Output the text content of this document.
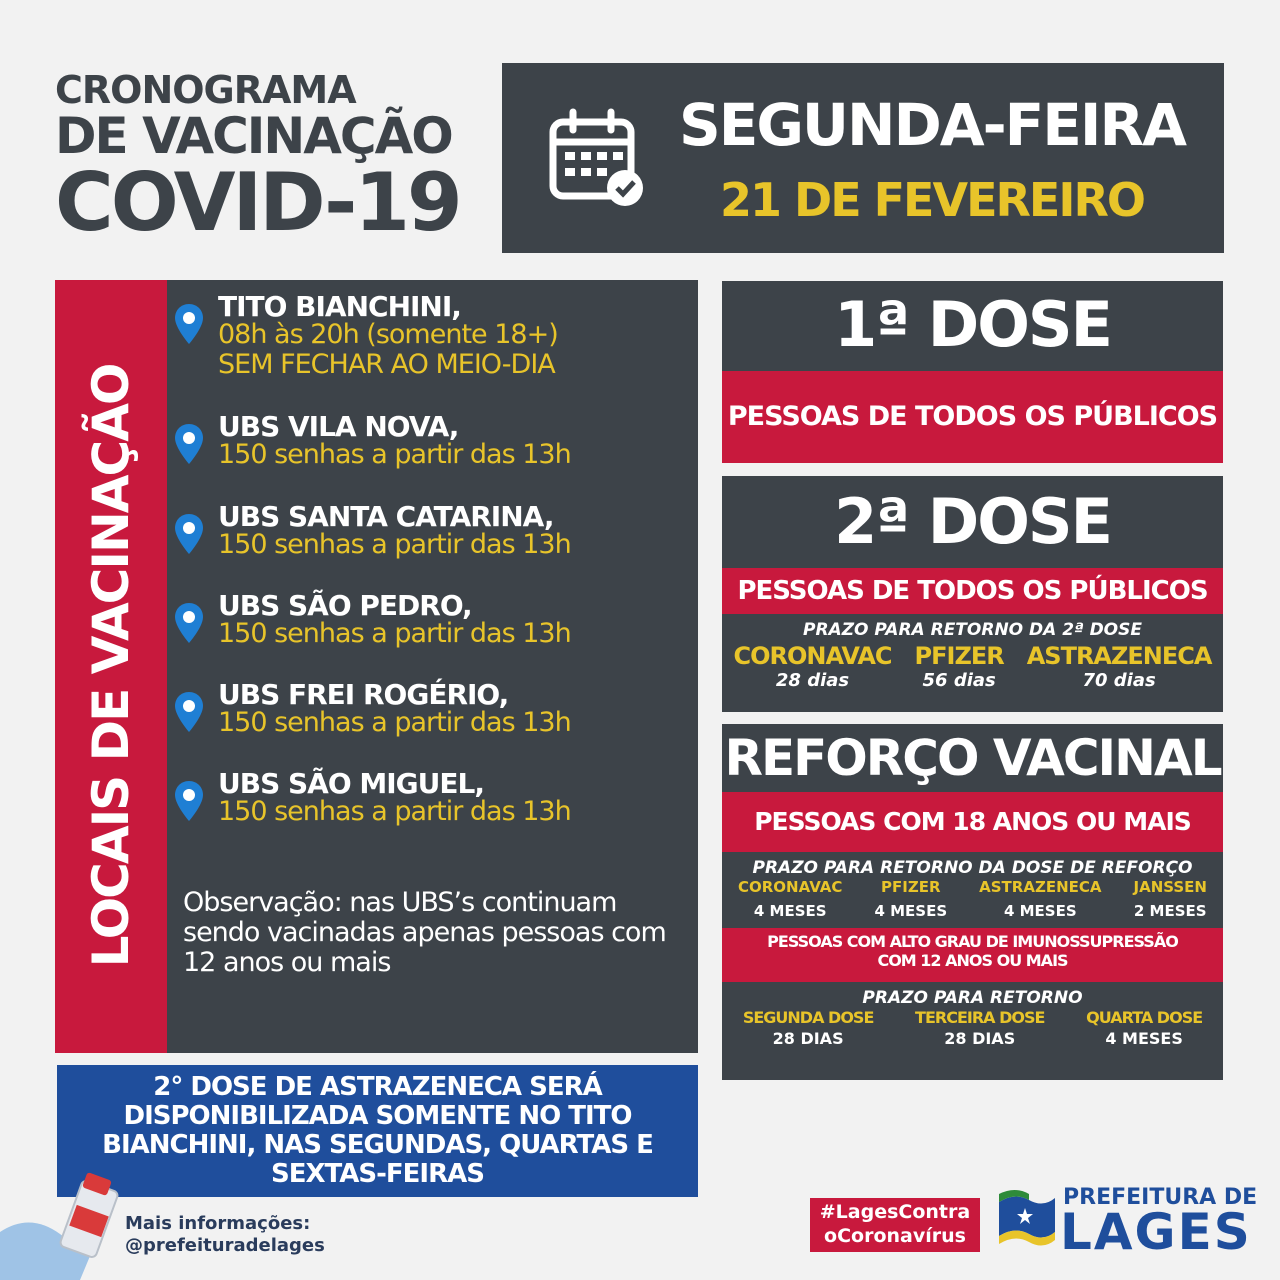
CRONOGRAMA
DE VACINAÇÃO
COVID-19
SEGUNDA-FEIRA
21 DE FEVEREIRO
LOCAIS DE VACINAÇÃO
TITO BIANCHINI,
08h às 20h (somente 18+)
SEM FECHAR AO MEIO-DIA
UBS VILA NOVA,
150 senhas a partir das 13h
UBS SANTA CATARINA,
150 senhas a partir das 13h
UBS SÃO PEDRO,
150 senhas a partir das 13h
UBS FREI ROGÉRIO,
150 senhas a partir das 13h
UBS SÃO MIGUEL,
150 senhas a partir das 13h
Observação: nas UBS’s continuam sendo vacinadas apenas pessoas com 12 anos ou mais
1ª DOSE
PESSOAS DE TODOS OS PÚBLICOS
2ª DOSE
PESSOAS DE TODOS OS PÚBLICOS
PRAZO PARA RETORNO DA 2ª DOSE
CORONAVAC
28 dias
PFIZER
56 dias
ASTRAZENECA
70 dias
REFORÇO VACINAL
PESSOAS COM 18 ANOS OU MAIS
PRAZO PARA RETORNO DA DOSE DE REFORÇO
CORONAVAC
4 MESES
PFIZER
4 MESES
ASTRAZENECA
4 MESES
JANSSEN
2 MESES
PESSOAS COM ALTO GRAU DE IMUNOSSUPRESSÃO
COM 12 ANOS OU MAIS
PRAZO PARA RETORNO
SEGUNDA DOSE
28 DIAS
TERCEIRA DOSE
28 DIAS
QUARTA DOSE
4 MESES
2° DOSE DE ASTRAZENECA SERÁ
DISPONIBILIZADA SOMENTE NO TITO
BIANCHINI, NAS SEGUNDAS, QUARTAS E
SEXTAS-FEIRAS
Mais informações:
@prefeituradelages
#LagesContra
oCoronavírus
PREFEITURA DE
LAGES
